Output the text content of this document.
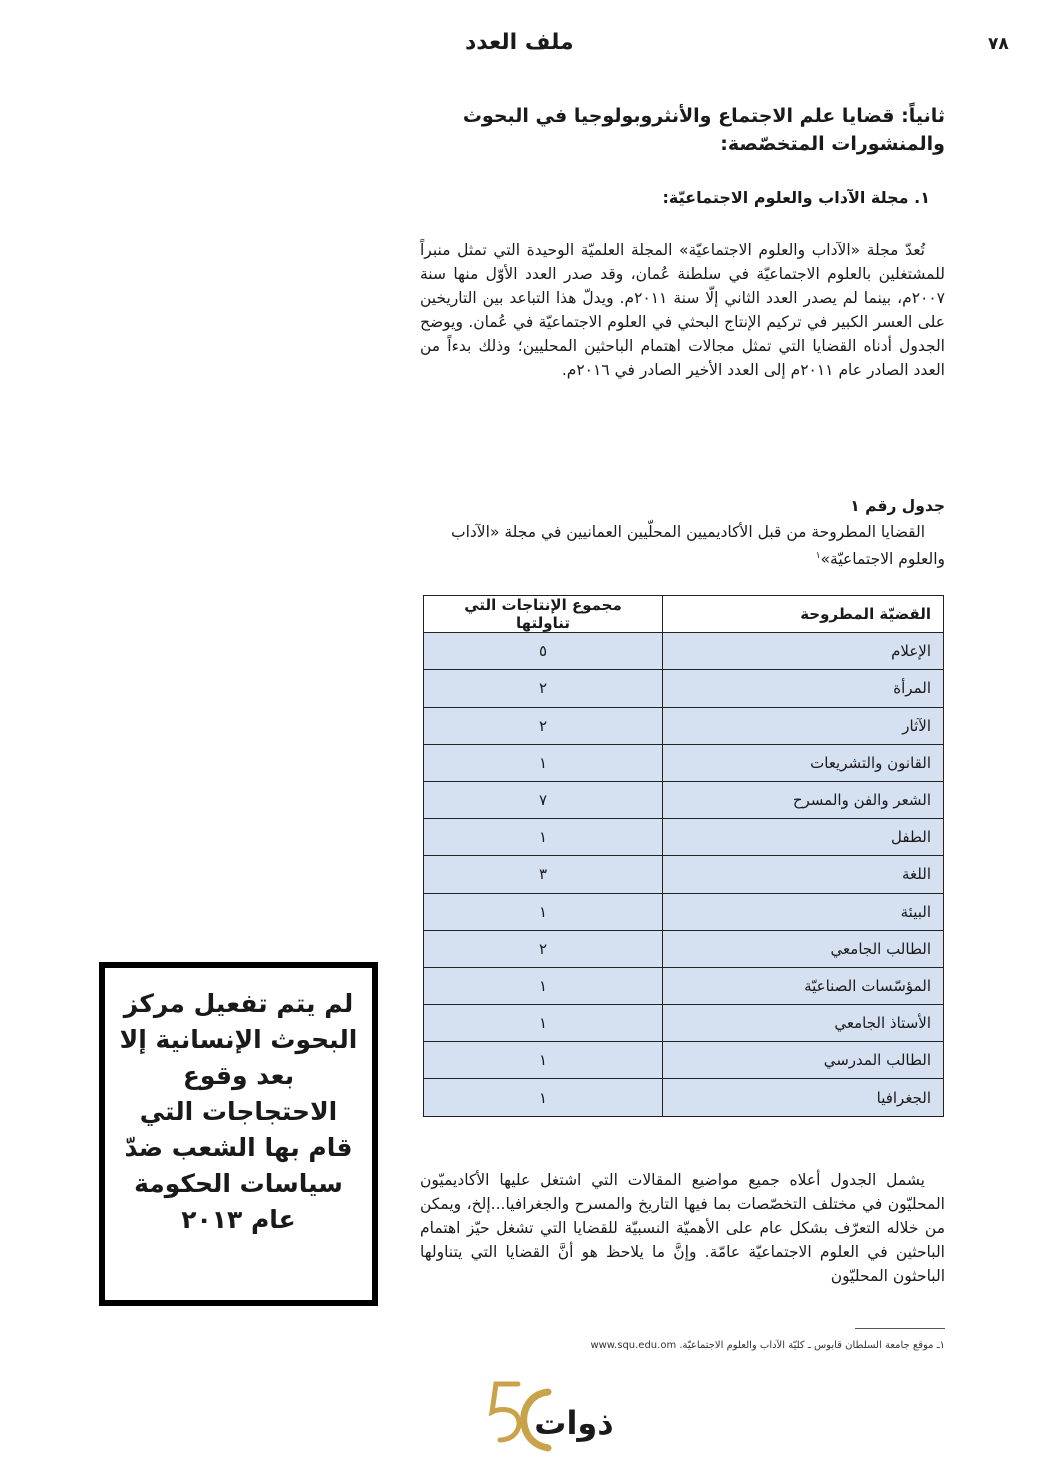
٧٨
ملف العدد
ثانياً: قضايا علم الاجتماع والأنثروبولوجيا في البحوث والمنشورات المتخصّصة:
١. مجلة الآداب والعلوم الاجتماعيّة:
تُعدّ مجلة «الآداب والعلوم الاجتماعيّة» المجلة العلميّة الوحيدة التي تمثل منبراً للمشتغلين بالعلوم الاجتماعيّة في سلطنة عُمان، وقد صدر العدد الأوّل منها سنة ٢٠٠٧م، بينما لم يصدر العدد الثاني إلّا سنة ٢٠١١م. ويدلّ هذا التباعد بين التاريخين على العسر الكبير في تركيم الإنتاج البحثي في العلوم الاجتماعيّة في عُمان. ويوضح الجدول أدناه القضايا التي تمثل مجالات اهتمام الباحثين المحليين؛ وذلك بدءاً من العدد الصادر عام ٢٠١١م إلى العدد الأخير الصادر في ٢٠١٦م.
جدول رقم ١
القضايا المطروحة من قبل الأكاديميين المحلّيين العمانيين في مجلة «الآداب والعلوم الاجتماعيّة»$^١$
القضيّة المطروحة	مجموع الإنتاجات التي تناولتها
الإعلام	٥
المرأة	٢
الآثار	٢
القانون والتشريعات	١
الشعر والفن والمسرح	٧
الطفل	١
اللغة	٣
البيئة	١
الطالب الجامعي	٢
المؤسّسات الصناعيّة	١
الأستاذ الجامعي	١
الطالب المدرسي	١
الجغرافيا	١
يشمل الجدول أعلاه جميع مواضيع المقالات التي اشتغل عليها الأكاديميّون المحليّون في مختلف التخصّصات بما فيها التاريخ والمسرح والجغرافيا...إلخ، ويمكن من خلاله التعرّف بشكل عام على الأهميّة النسبيّة للقضايا التي تشغل حيّز اهتمام الباحثين في العلوم الاجتماعيّة عامّة. وإنَّ ما يلاحظ هو أنَّ القضايا التي يتناولها الباحثون المحليّون
١ـ موقع جامعة السلطان قابوس ـ كليّة الآداب والعلوم الاجتماعيّة. www.squ.edu.om
لم يتم تفعيل مركز البحوث الإنسانية إلا بعد وقوع الاحتجاجات التي قام بها الشعب ضدّ سياسات الحكومة عام ٢٠١٣
ذوات
